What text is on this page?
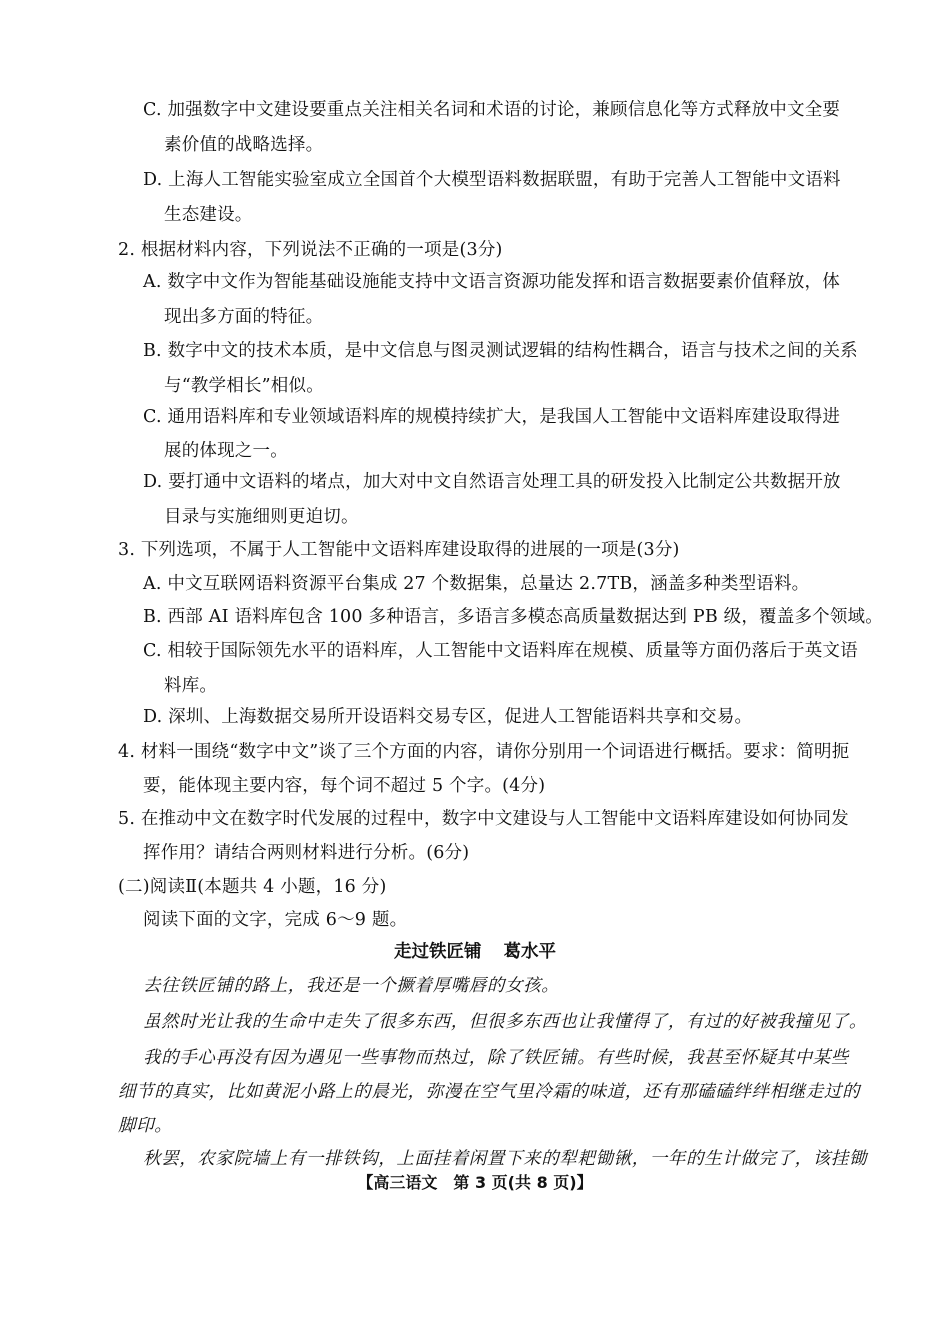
C. 加强数字中文建设要重点关注相关名词和术语的讨论，兼顾信息化等方式释放中文全要
素价值的战略选择。
D. 上海人工智能实验室成立全国首个大模型语料数据联盟，有助于完善人工智能中文语料
生态建设。
2. 根据材料内容，下列说法不正确的一项是(3分)
A. 数字中文作为智能基础设施能支持中文语言资源功能发挥和语言数据要素价值释放，体
现出多方面的特征。
B. 数字中文的技术本质，是中文信息与图灵测试逻辑的结构性耦合，语言与技术之间的关系
与“教学相长”相似。
C. 通用语料库和专业领域语料库的规模持续扩大，是我国人工智能中文语料库建设取得进
展的体现之一。
D. 要打通中文语料的堵点，加大对中文自然语言处理工具的研发投入比制定公共数据开放
目录与实施细则更迫切。
3. 下列选项，不属于人工智能中文语料库建设取得的进展的一项是(3分)
A. 中文互联网语料资源平台集成 27 个数据集，总量达 2.7TB，涵盖多种类型语料。
B. 西部 AI 语料库包含 100 多种语言，多语言多模态高质量数据达到 PB 级，覆盖多个领域。
C. 相较于国际领先水平的语料库，人工智能中文语料库在规模、质量等方面仍落后于英文语
料库。
D. 深圳、上海数据交易所开设语料交易专区，促进人工智能语料共享和交易。
4. 材料一围绕“数字中文”谈了三个方面的内容，请你分别用一个词语进行概括。要求：简明扼
要，能体现主要内容，每个词不超过 5 个字。(4分)
5. 在推动中文在数字时代发展的过程中，数字中文建设与人工智能中文语料库建设如何协同发
挥作用？请结合两则材料进行分析。(6分)
(二)阅读Ⅱ(本题共 4 小题，16 分)
阅读下面的文字，完成 6～9 题。
走过铁匠铺 葛水平
去往铁匠铺的路上，我还是一个撅着厚嘴唇的女孩。
虽然时光让我的生命中走失了很多东西，但很多东西也让我懂得了，有过的好被我撞见了。
我的手心再没有因为遇见一些事物而热过，除了铁匠铺。有些时候，我甚至怀疑其中某些
细节的真实，比如黄泥小路上的晨光，弥漫在空气里冷霜的味道，还有那磕磕绊绊相继走过的
脚印。
秋罢，农家院墙上有一排铁钩，上面挂着闲置下来的犁耙锄锹，一年的生计做完了，该挂锄
【高三语文　第 3 页(共 8 页)】
